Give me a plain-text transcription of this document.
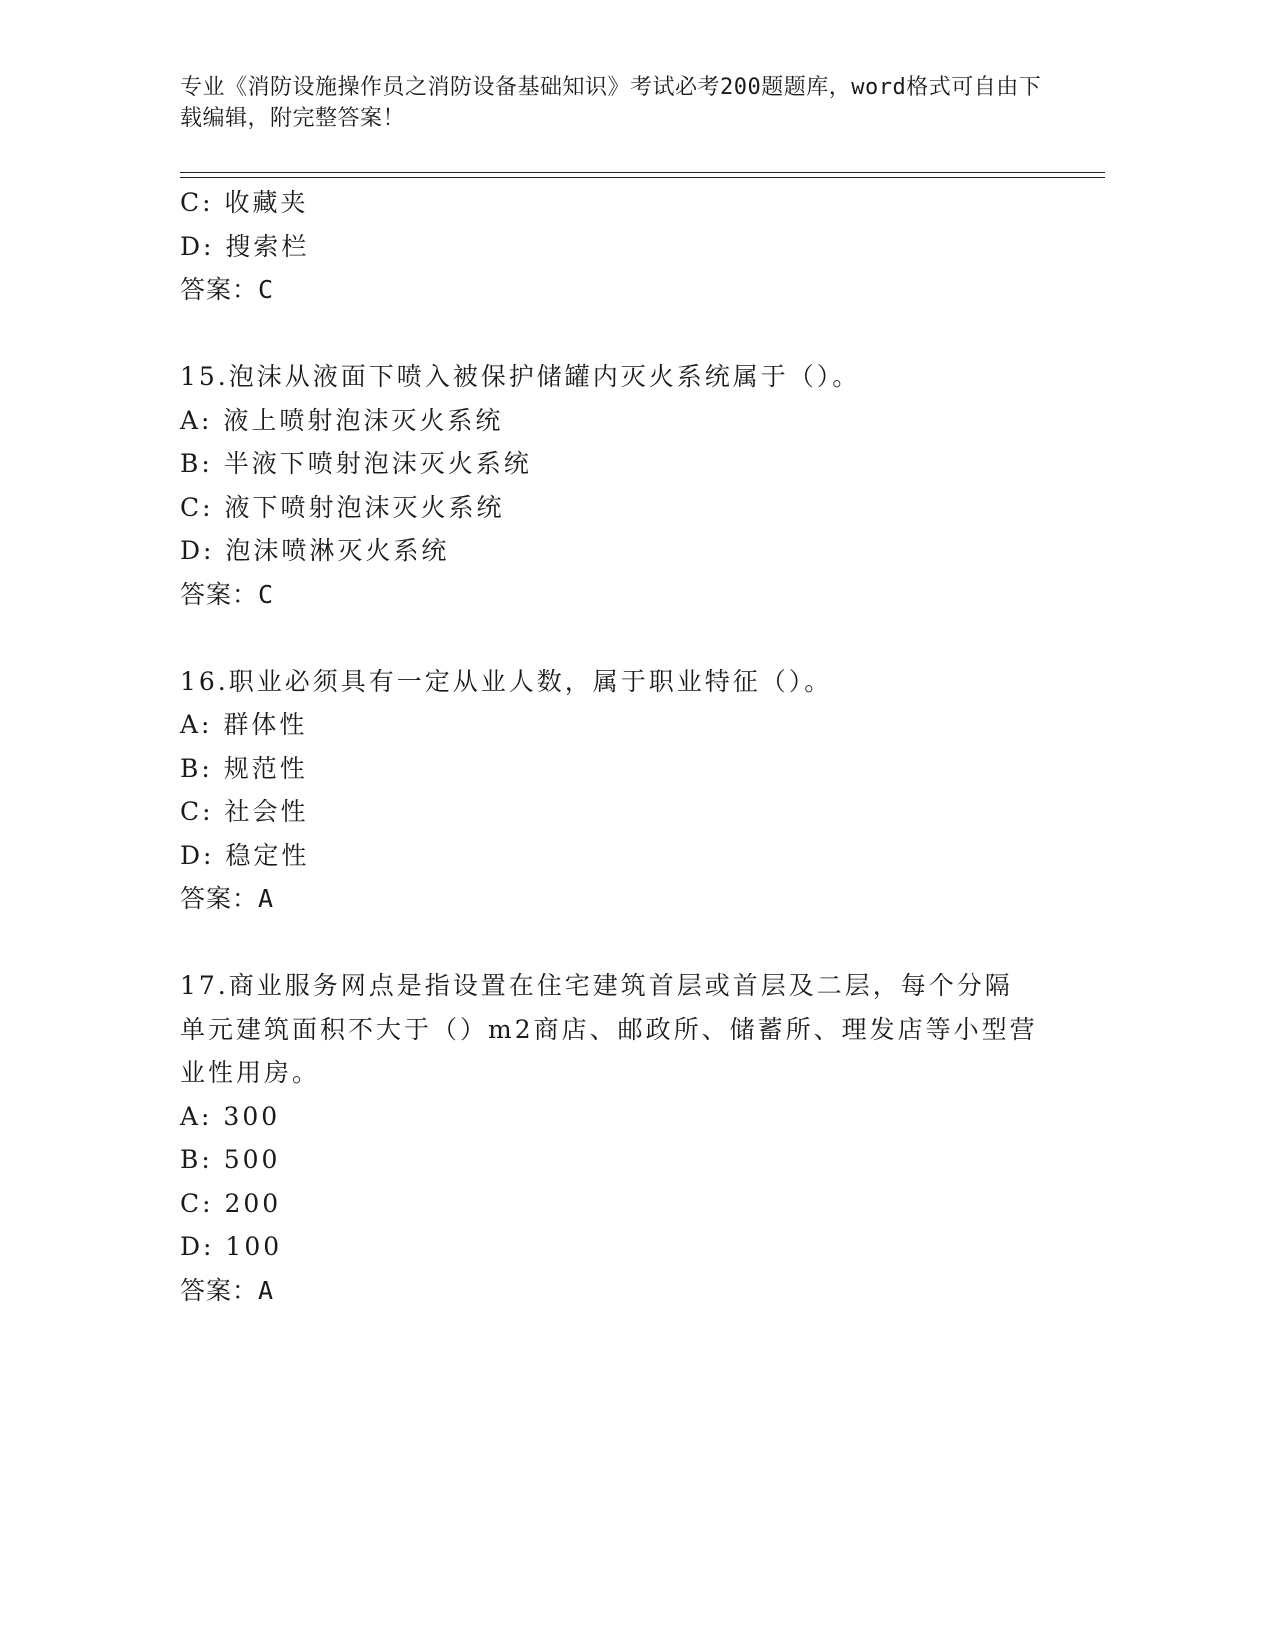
专业《消防设施操作员之消防设备基础知识》考试必考200题题库，word格式可自由下载编辑，附完整答案！
C: 收藏夹
D: 搜索栏
答案：C
15.泡沫从液面下喷入被保护储罐内灭火系统属于（）。
A: 液上喷射泡沫灭火系统
B: 半液下喷射泡沫灭火系统
C: 液下喷射泡沫灭火系统
D: 泡沫喷淋灭火系统
答案：C
16.职业必须具有一定从业人数，属于职业特征（）。
A: 群体性
B: 规范性
C: 社会性
D: 稳定性
答案：A
17.商业服务网点是指设置在住宅建筑首层或首层及二层，每个分隔单元建筑面积不大于（）m2商店、邮政所、储蓄所、理发店等小型营业性用房。
A: 300
B: 500
C: 200
D: 100
答案：A
